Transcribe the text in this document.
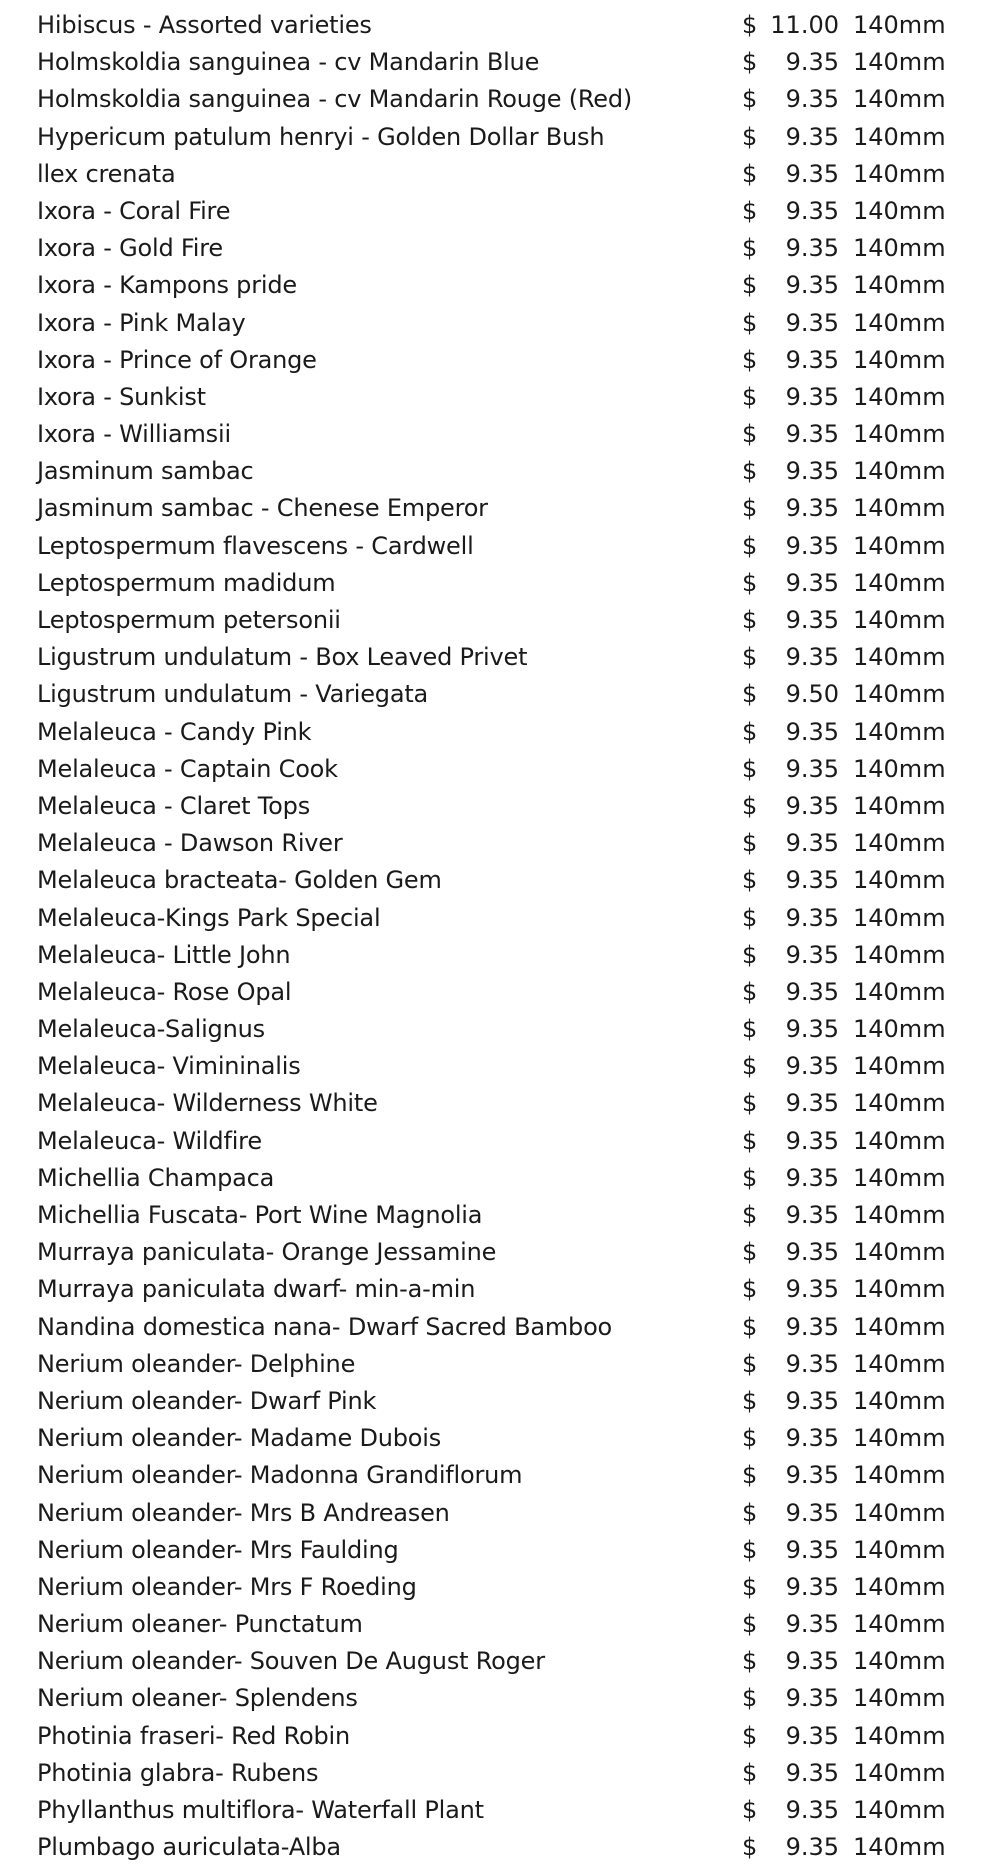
Hibiscus - Assorted varieties	$ 11.00 140mm
Holmskoldia sanguinea - cv Mandarin Blue	$ 9.35 140mm
Holmskoldia sanguinea - cv Mandarin Rouge (Red)	$ 9.35 140mm
Hypericum patulum henryi - Golden Dollar Bush	$ 9.35 140mm
llex crenata	$ 9.35 140mm
Ixora - Coral Fire	$ 9.35 140mm
Ixora - Gold Fire	$ 9.35 140mm
Ixora - Kampons pride	$ 9.35 140mm
Ixora - Pink Malay	$ 9.35 140mm
Ixora - Prince of Orange	$ 9.35 140mm
Ixora - Sunkist	$ 9.35 140mm
Ixora - Williamsii	$ 9.35 140mm
Jasminum sambac	$ 9.35 140mm
Jasminum sambac - Chenese Emperor	$ 9.35 140mm
Leptospermum flavescens - Cardwell	$ 9.35 140mm
Leptospermum madidum	$ 9.35 140mm
Leptospermum petersonii	$ 9.35 140mm
Ligustrum undulatum - Box Leaved Privet	$ 9.35 140mm
Ligustrum undulatum - Variegata	$ 9.50 140mm
Melaleuca - Candy Pink	$ 9.35 140mm
Melaleuca - Captain Cook	$ 9.35 140mm
Melaleuca - Claret Tops	$ 9.35 140mm
Melaleuca - Dawson River	$ 9.35 140mm
Melaleuca bracteata- Golden Gem	$ 9.35 140mm
Melaleuca-Kings Park Special	$ 9.35 140mm
Melaleuca- Little John	$ 9.35 140mm
Melaleuca- Rose Opal	$ 9.35 140mm
Melaleuca-Salignus	$ 9.35 140mm
Melaleuca- Vimininalis	$ 9.35 140mm
Melaleuca- Wilderness White	$ 9.35 140mm
Melaleuca- Wildfire	$ 9.35 140mm
Michellia Champaca	$ 9.35 140mm
Michellia Fuscata- Port Wine Magnolia	$ 9.35 140mm
Murraya paniculata- Orange Jessamine	$ 9.35 140mm
Murraya paniculata dwarf- min-a-min	$ 9.35 140mm
Nandina domestica nana- Dwarf Sacred Bamboo	$ 9.35 140mm
Nerium oleander- Delphine	$ 9.35 140mm
Nerium oleander- Dwarf Pink	$ 9.35 140mm
Nerium oleander- Madame Dubois	$ 9.35 140mm
Nerium oleander- Madonna Grandiflorum	$ 9.35 140mm
Nerium oleander- Mrs B Andreasen	$ 9.35 140mm
Nerium oleander- Mrs Faulding	$ 9.35 140mm
Nerium oleander- Mrs F Roeding	$ 9.35 140mm
Nerium oleaner- Punctatum	$ 9.35 140mm
Nerium oleander- Souven De August Roger	$ 9.35 140mm
Nerium oleaner- Splendens	$ 9.35 140mm
Photinia fraseri- Red Robin	$ 9.35 140mm
Photinia glabra- Rubens	$ 9.35 140mm
Phyllanthus multiflora- Waterfall Plant	$ 9.35 140mm
Plumbago auriculata-Alba	$ 9.35 140mm
